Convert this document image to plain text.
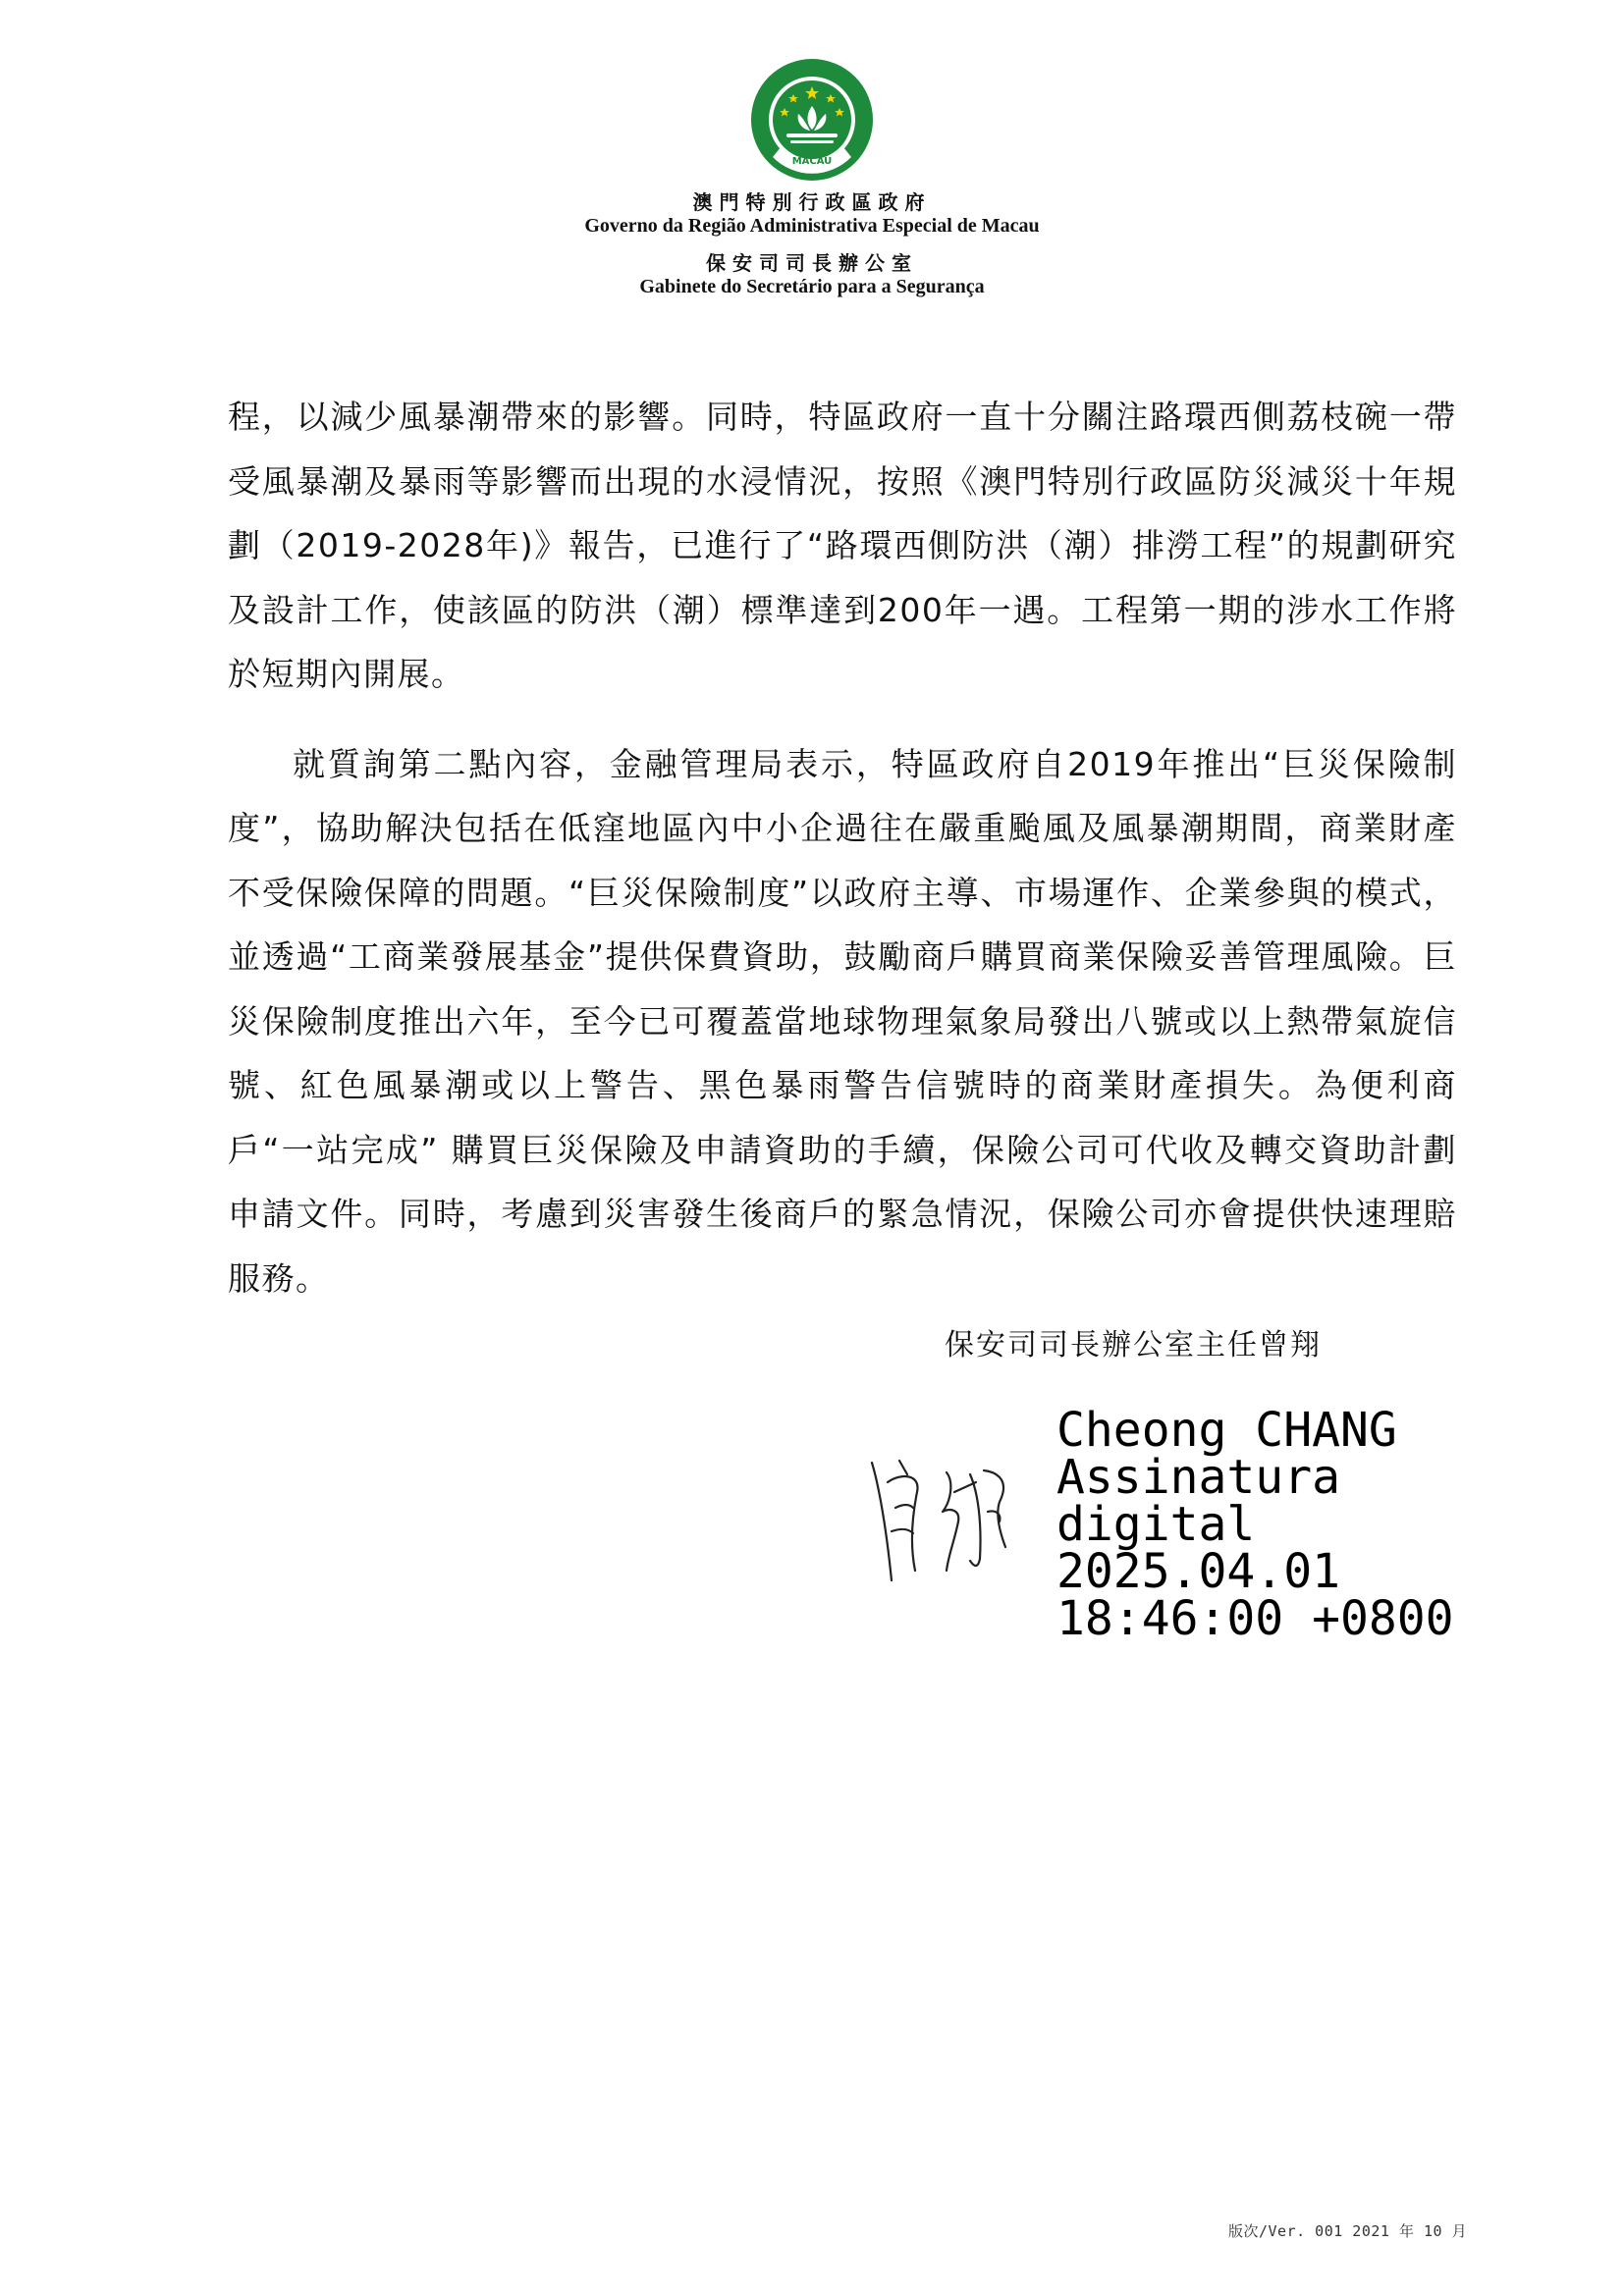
MACAU
澳門特別行政區政府
Governo da Região Administrativa Especial de Macau
保安司司長辦公室
Gabinete do Secretário para a Segurança

程，以減少風暴潮帶來的影響。同時，特區政府一直十分關注路環西側荔枝碗一帶受風暴潮及暴雨等影響而出現的水浸情況，按照《澳門特別行政區防災減災十年規劃（2019-2028年)》報告，已進行了“路環西側防洪（潮）排澇工程”的規劃研究及設計工作，使該區的防洪（潮）標準達到200年一遇。工程第一期的涉水工作將於短期內開展。

就質詢第二點內容，金融管理局表示，特區政府自2019年推出“巨災保險制度”，協助解決包括在低窪地區內中小企過往在嚴重颱風及風暴潮期間，商業財產不受保險保障的問題。“巨災保險制度”以政府主導、市場運作、企業參與的模式，並透過“工商業發展基金”提供保費資助，鼓勵商戶購買商業保險妥善管理風險。巨災保險制度推出六年，至今已可覆蓋當地球物理氣象局發出八號或以上熱帶氣旋信號、紅色風暴潮或以上警告、黑色暴雨警告信號時的商業財產損失。為便利商戶“一站完成” 購買巨災保險及申請資助的手續，保險公司可代收及轉交資助計劃申請文件。同時，考慮到災害發生後商戶的緊急情況，保險公司亦會提供快速理賠服務。

保安司司長辦公室主任曾翔
Cheong CHANG
Assinatura
digital
2025.04.01
18:46:00 +0800
版次/Ver. 001 2021 年 10 月
